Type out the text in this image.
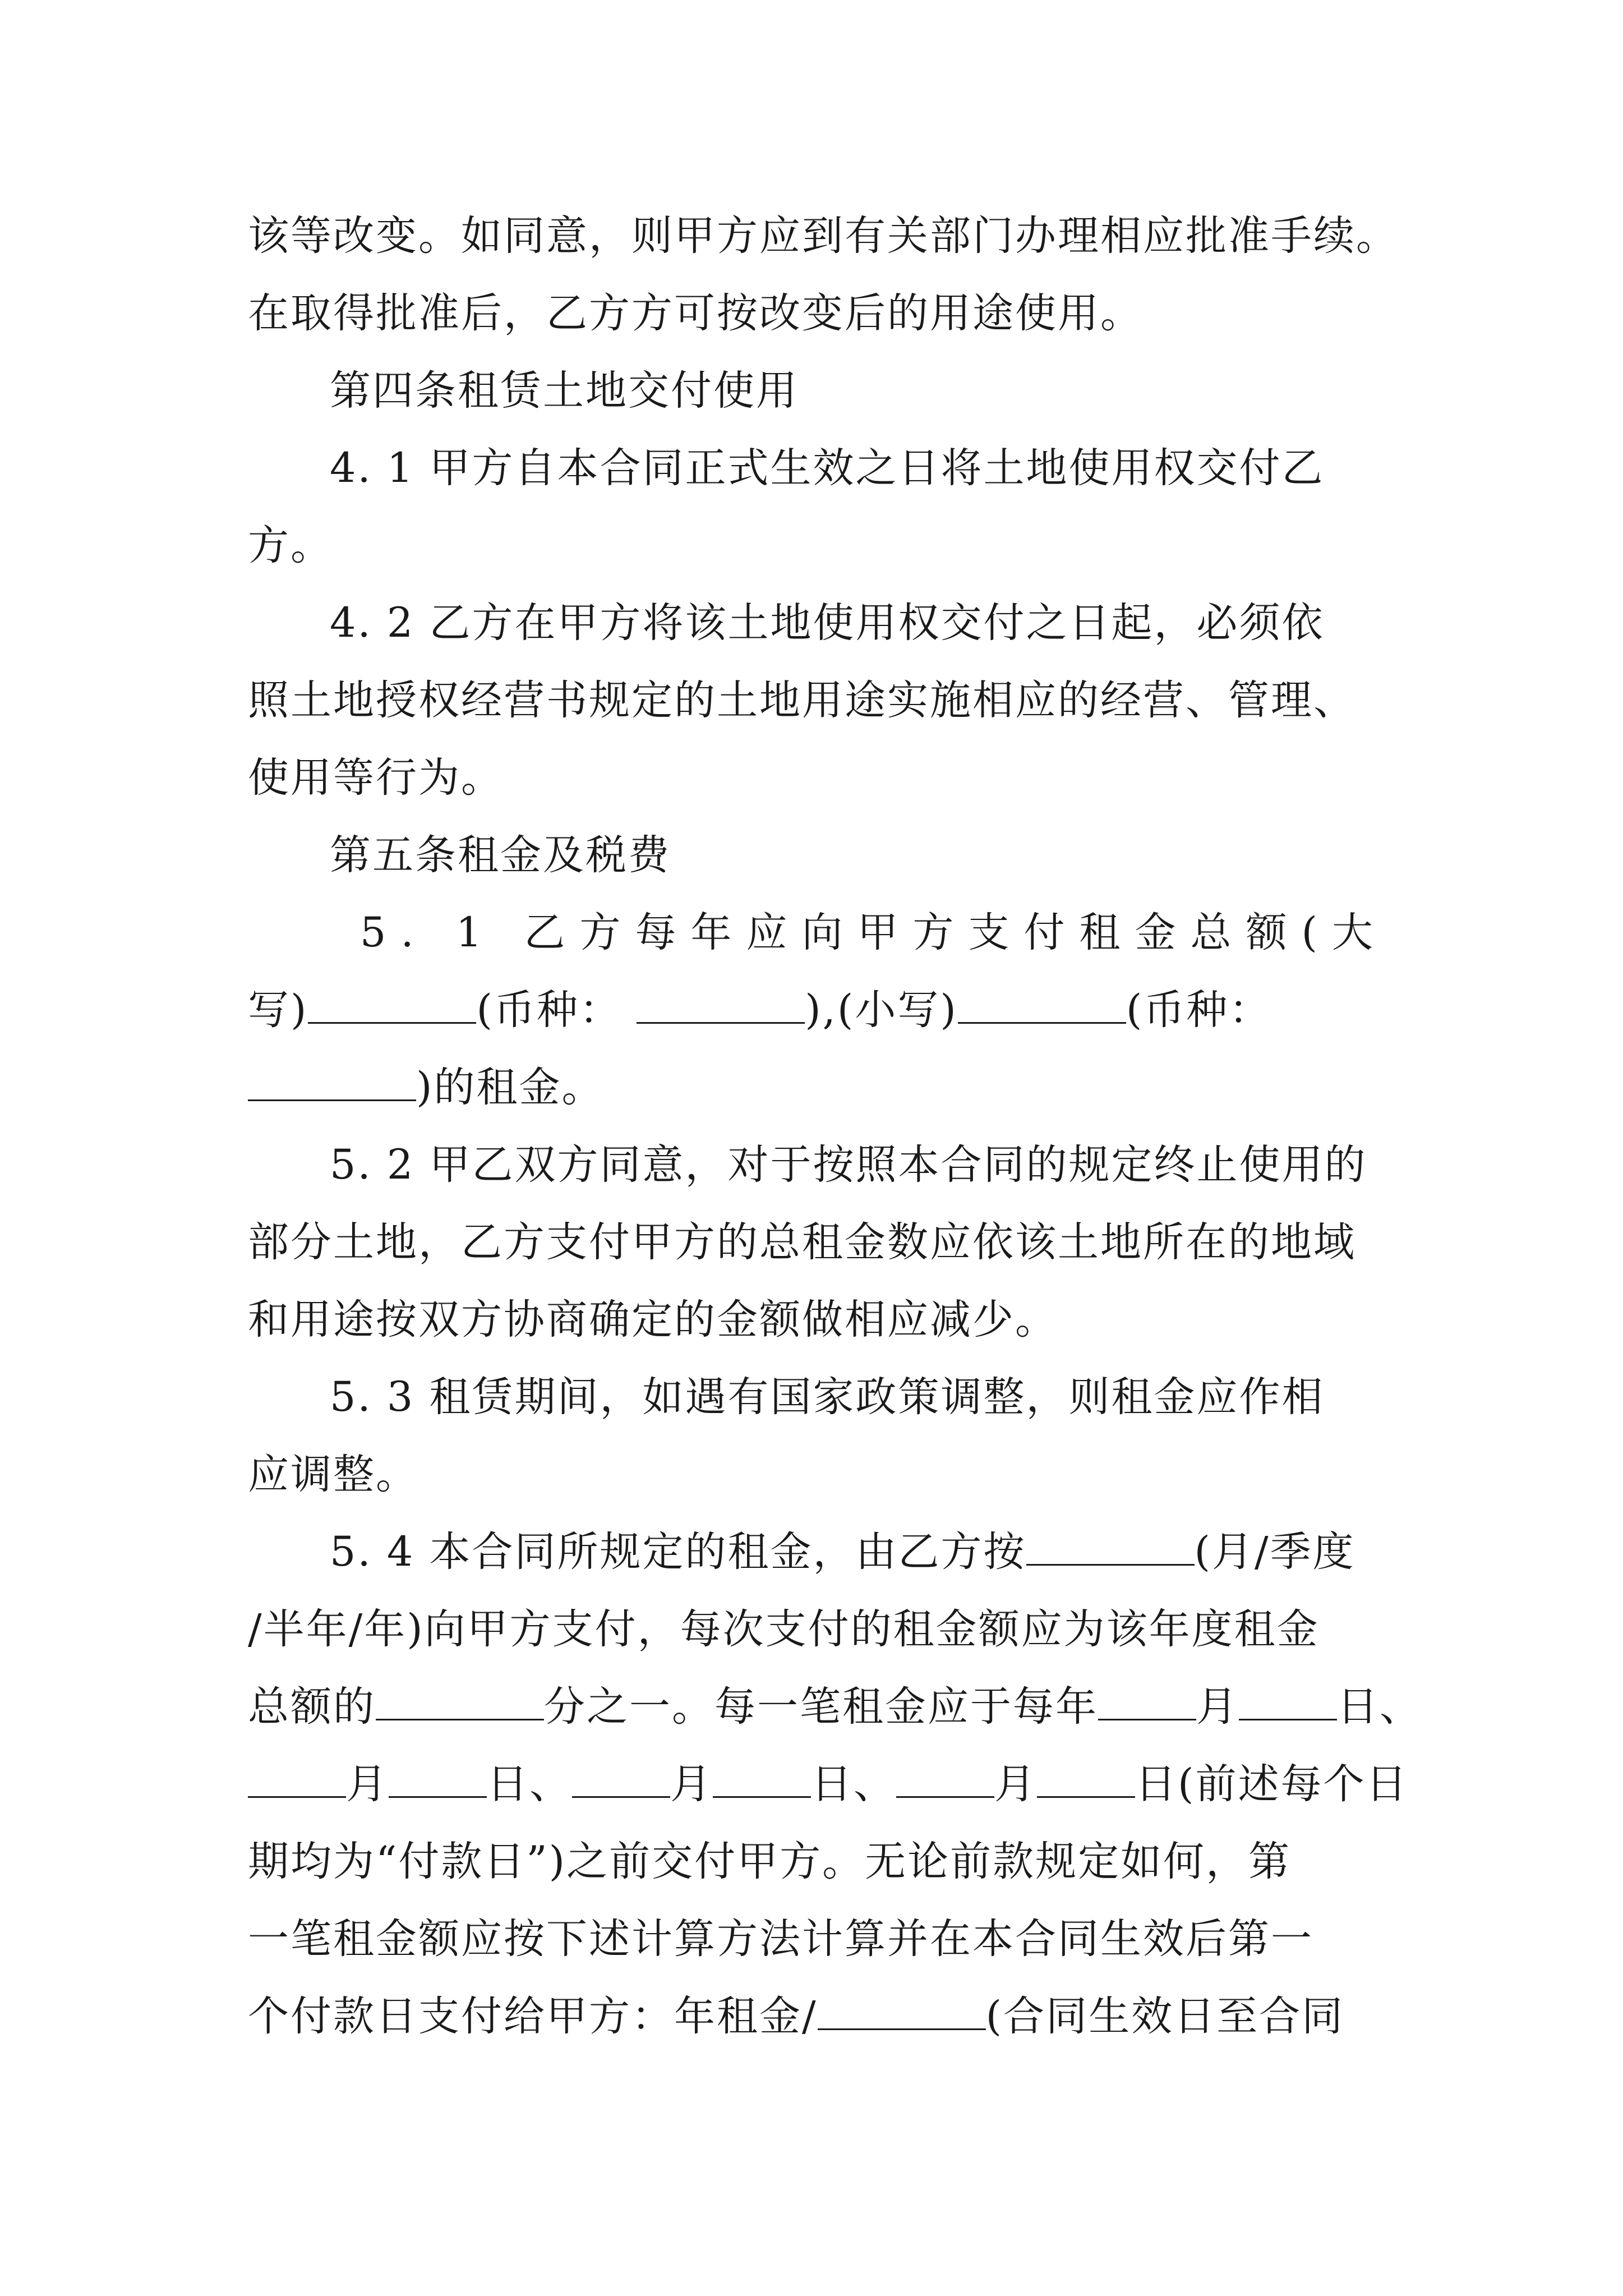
该等改变。如同意，则甲方应到有关部门办理相应批准手续。
在取得批准后，乙方方可按改变后的用途使用。
第四条租赁土地交付使用
4. 1 甲方自本合同正式生效之日将土地使用权交付乙
方。
4. 2 乙方在甲方将该土地使用权交付之日起，必须依
照土地授权经营书规定的土地用途实施相应的经营、管理、
使用等行为。
第五条租金及税费
5. 1 乙方每年应向甲方支付租金总额(大
写)	(币种：	),(小写)	(币种：
)的租金。
5. 2 甲乙双方同意，对于按照本合同的规定终止使用的
部分土地，乙方支付甲方的总租金数应依该土地所在的地域
和用途按双方协商确定的金额做相应减少。
5. 3 租赁期间，如遇有国家政策调整，则租金应作相
应调整。
5. 4 本合同所规定的租金，由乙方按	(月/季度
/半年/年)向甲方支付，每次支付的租金额应为该年度租金
总额的	分之一。每一笔租金应于每年 月 日、
月 日、 月 日、 月 日(前述每个日
期均为“付款日”)之前交付甲方。无论前款规定如何，第
一笔租金额应按下述计算方法计算并在本合同生效后第一
个付款日支付给甲方：年租金/	(合同生效日至合同
